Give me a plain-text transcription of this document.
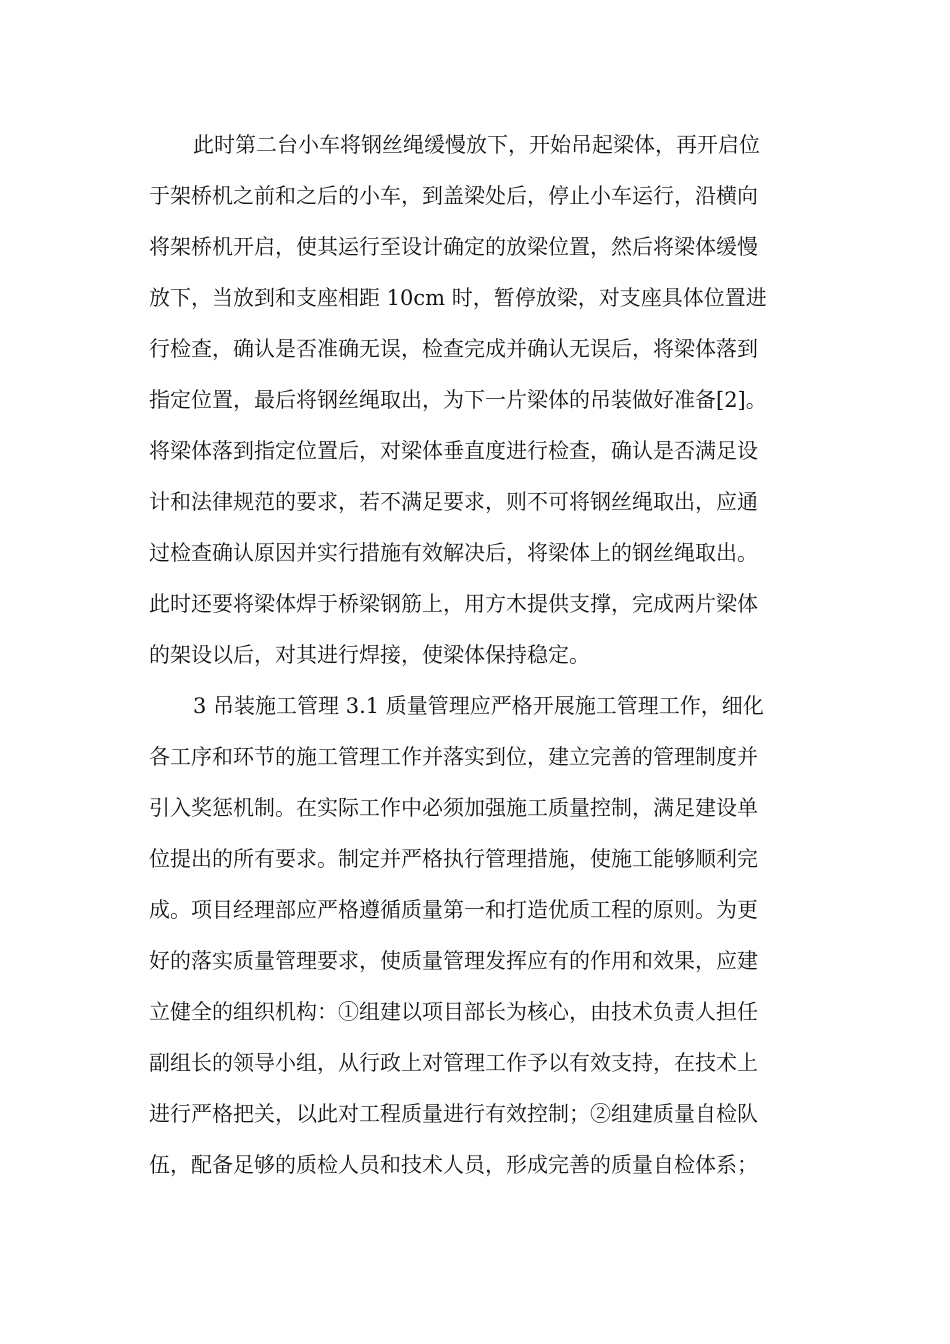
此时第二台小车将钢丝绳缓慢放下，开始吊起梁体，再开启位
于架桥机之前和之后的小车，到盖梁处后，停止小车运行，沿横向
将架桥机开启，使其运行至设计确定的放梁位置，然后将梁体缓慢
放下，当放到和支座相距 10cm 时，暂停放梁，对支座具体位置进
行检查，确认是否准确无误，检查完成并确认无误后，将梁体落到
指定位置，最后将钢丝绳取出，为下一片梁体的吊装做好准备[2]。
将梁体落到指定位置后，对梁体垂直度进行检查，确认是否满足设
计和法律规范的要求，若不满足要求，则不可将钢丝绳取出，应通
过检查确认原因并实行措施有效解决后，将梁体上的钢丝绳取出。
此时还要将梁体焊于桥梁钢筋上，用方木提供支撑，完成两片梁体
的架设以后，对其进行焊接，使梁体保持稳定。
3 吊装施工管理 3.1 质量管理应严格开展施工管理工作，细化
各工序和环节的施工管理工作并落实到位，建立完善的管理制度并
引入奖惩机制。在实际工作中必须加强施工质量控制，满足建设单
位提出的所有要求。制定并严格执行管理措施，使施工能够顺利完
成。项目经理部应严格遵循质量第一和打造优质工程的原则。为更
好的落实质量管理要求，使质量管理发挥应有的作用和效果，应建
立健全的组织机构：①组建以项目部长为核心，由技术负责人担任
副组长的领导小组，从行政上对管理工作予以有效支持，在技术上
进行严格把关，以此对工程质量进行有效控制；②组建质量自检队
伍，配备足够的质检人员和技术人员，形成完善的质量自检体系；
